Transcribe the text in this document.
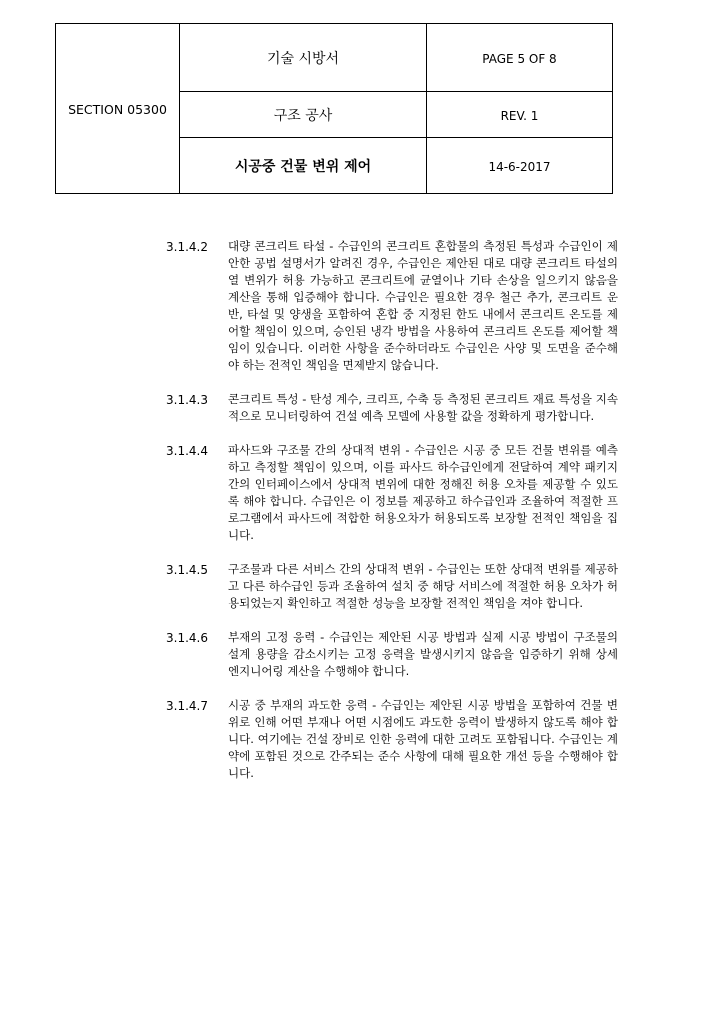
SECTION 05300	기술 시방서	PAGE 5 OF 8
	구조 공사	REV. 1
	시공중 건물 변위 제어	14-6-2017
3.1.4.2	대량 콘크리트 타설 - 수급인의 콘크리트 혼합물의 측정된 특성과 수급인이 제안한 공법 설명서가 알려진 경우, 수급인은 제안된 대로 대량 콘크리트 타설의 열 변위가 허용 가능하고 콘크리트에 균열이나 기타 손상을 일으키지 않음을 계산을 통해 입증해야 합니다. 수급인은 필요한 경우 철근 추가, 콘크리트 운반, 타설 및 양생을 포함하여 혼합 중 지정된 한도 내에서 콘크리트 온도를 제어할 책임이 있으며, 승인된 냉각 방법을 사용하여 콘크리트 온도를 제어할 책임이 있습니다. 이러한 사항을 준수하더라도 수급인은 사양 및 도면을 준수해야 하는 전적인 책임을 면제받지 않습니다.
3.1.4.3	콘크리트 특성 - 탄성 계수, 크리프, 수축 등 측정된 콘크리트 재료 특성을 지속적으로 모니터링하여 건설 예측 모델에 사용할 값을 정확하게 평가합니다.
3.1.4.4	파사드와 구조물 간의 상대적 변위 - 수급인은 시공 중 모든 건물 변위를 예측하고 측정할 책임이 있으며, 이를 파사드 하수급인에게 전달하여 계약 패키지 간의 인터페이스에서 상대적 변위에 대한 정해진 허용 오차를 제공할 수 있도록 해야 합니다. 수급인은 이 정보를 제공하고 하수급인과 조율하여 적절한 프로그램에서 파사드에 적합한 허용오차가 허용되도록 보장할 전적인 책임을 집니다.
3.1.4.5	구조물과 다른 서비스 간의 상대적 변위 - 수급인는 또한 상대적 변위를 제공하고 다른 하수급인 등과 조율하여 설치 중 해당 서비스에 적절한 허용 오차가 허용되었는지 확인하고 적절한 성능을 보장할 전적인 책임을 져야 합니다.
3.1.4.6	부재의 고정 응력 - 수급인는 제안된 시공 방법과 실제 시공 방법이 구조물의 설계 용량을 감소시키는 고정 응력을 발생시키지 않음을 입증하기 위해 상세 엔지니어링 계산을 수행해야 합니다.
3.1.4.7	시공 중 부재의 과도한 응력 - 수급인는 제안된 시공 방법을 포함하여 건물 변위로 인해 어떤 부재나 어떤 시점에도 과도한 응력이 발생하지 않도록 해야 합니다. 여기에는 건설 장비로 인한 응력에 대한 고려도 포함됩니다. 수급인는 계약에 포함된 것으로 간주되는 준수 사항에 대해 필요한 개선 등을 수행해야 합니다.
